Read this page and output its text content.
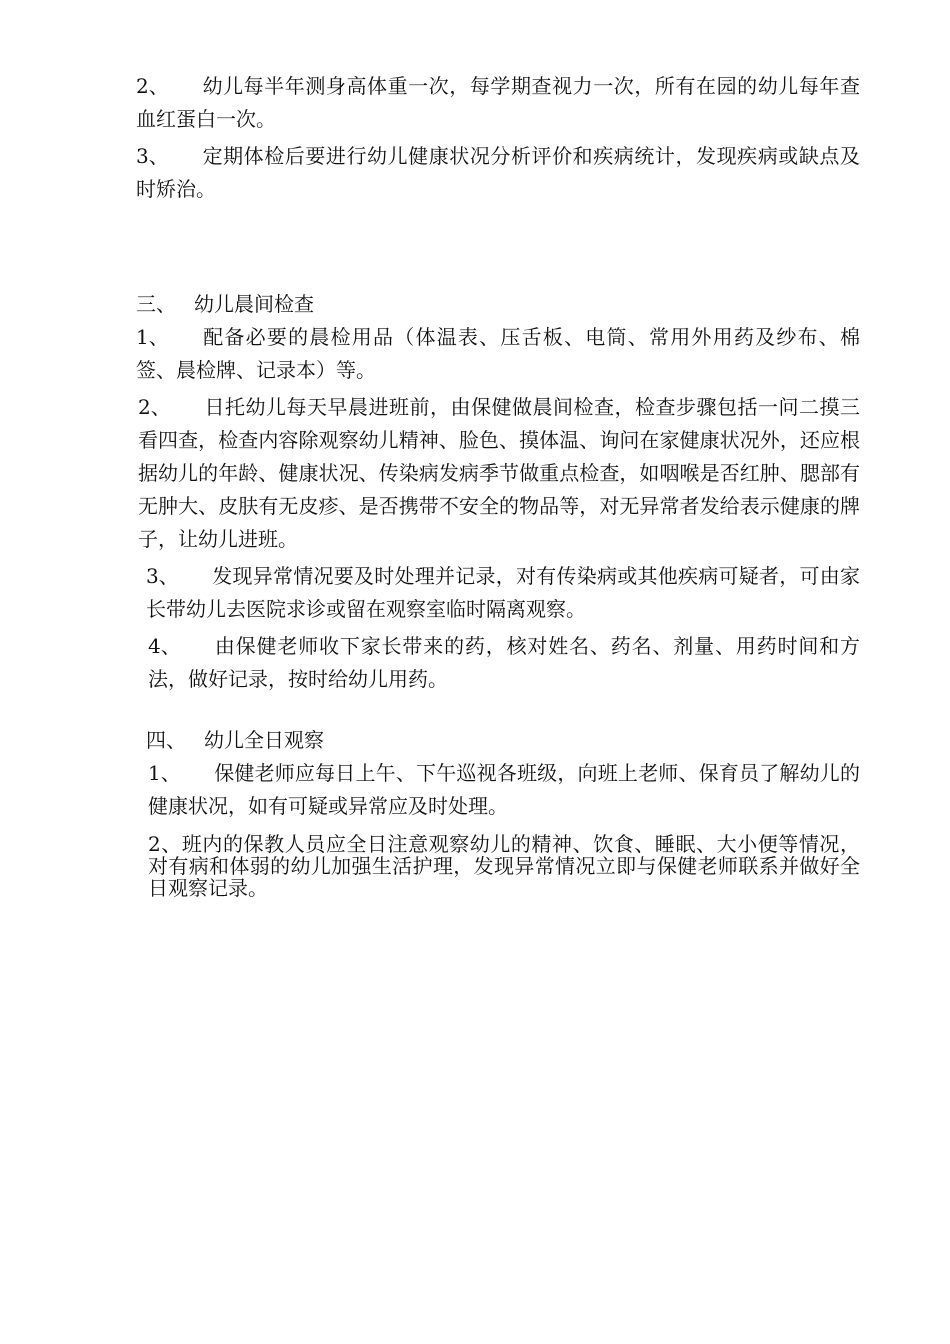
2、 幼儿每半年测身高体重一次，每学期查视力一次，所有在园的幼儿每年查血红蛋白一次。

3、 定期体检后要进行幼儿健康状况分析评价和疾病统计，发现疾病或缺点及时矫治。

三、 幼儿晨间检查

1、 配备必要的晨检用品（体温表、压舌板、电筒、常用外用药及纱布、棉签、晨检牌、记录本）等。

2、 日托幼儿每天早晨进班前，由保健做晨间检查，检查步骤包括一问二摸三看四查，检查内容除观察幼儿精神、脸色、摸体温、询问在家健康状况外，还应根据幼儿的年龄、健康状况、传染病发病季节做重点检查，如咽喉是否红肿、腮部有无肿大、皮肤有无皮疹、是否携带不安全的物品等，对无异常者发给表示健康的牌子，让幼儿进班。

3、 发现异常情况要及时处理并记录，对有传染病或其他疾病可疑者，可由家长带幼儿去医院求诊或留在观察室临时隔离观察。

4、 由保健老师收下家长带来的药，核对姓名、药名、剂量、用药时间和方法，做好记录，按时给幼儿用药。

四、 幼儿全日观察

1、 保健老师应每日上午、下午巡视各班级，向班上老师、保育员了解幼儿的健康状况，如有可疑或异常应及时处理。

2、班内的保教人员应全日注意观察幼儿的精神、饮食、睡眠、大小便等情况，对有病和体弱的幼儿加强生活护理，发现异常情况立即与保健老师联系并做好全日观察记录。
